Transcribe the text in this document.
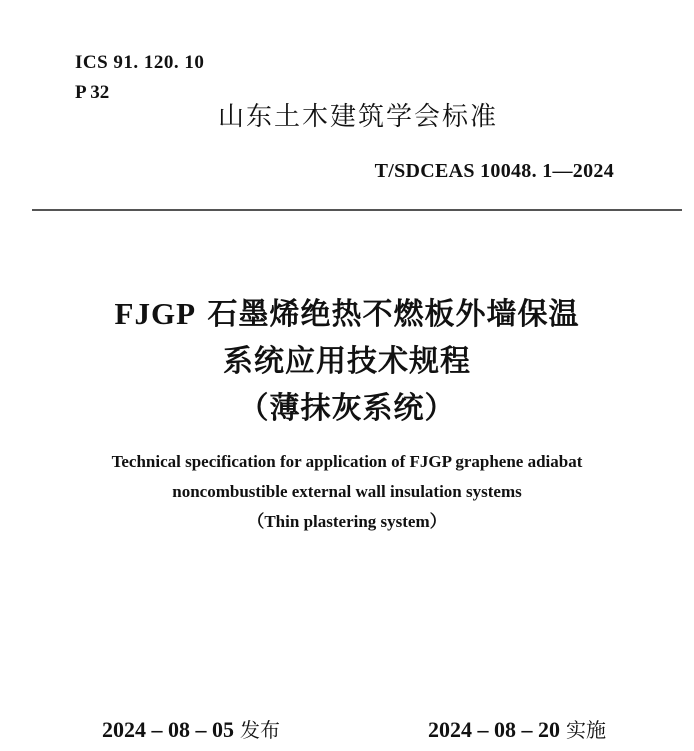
ICS 91. 120. 10
P 32
山东土木建筑学会标准
T/SDCEAS 10048. 1—2024
FJGP 石墨烯绝热不燃板外墙保温
系统应用技术规程
（薄抹灰系统）
Technical specification for application of FJGP graphene adiabat
noncombustible external wall insulation systems
（Thin plastering system）
2024 – 08 – 05 发布	2024 – 08 – 20 实施
